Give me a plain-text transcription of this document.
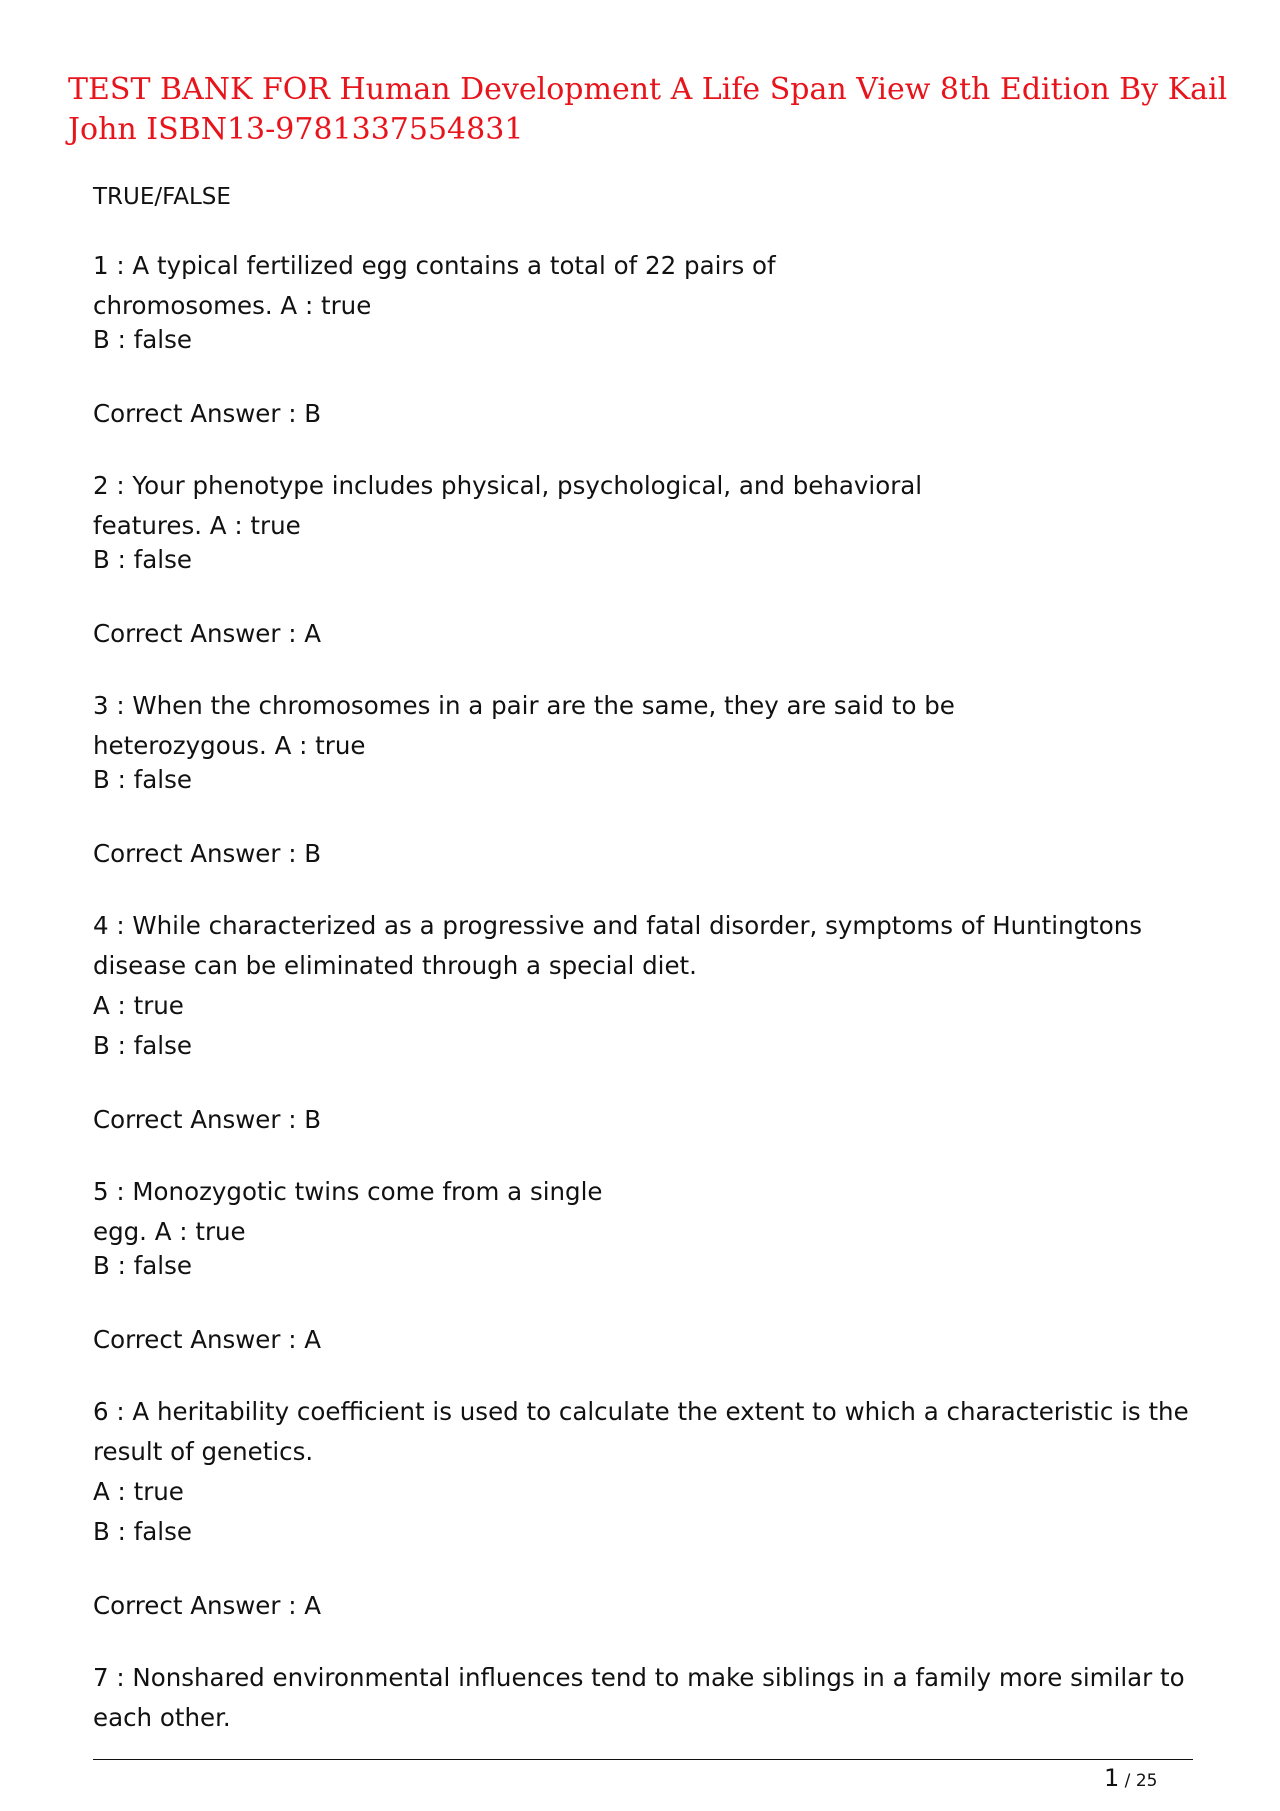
TEST BANK FOR Human Development A Life Span View 8th Edition By Kail John ISBN13-9781337554831

TRUE/FALSE

1 : A typical fertilized egg contains a total of 22 pairs of

chromosomes. A : true

B : false

Correct Answer : B

2 : Your phenotype includes physical, psychological, and behavioral

features. A : true

B : false

Correct Answer : A

3 : When the chromosomes in a pair are the same, they are said to be

heterozygous. A : true

B : false

Correct Answer : B

4 : While characterized as a progressive and fatal disorder, symptoms of Huntingtons disease can be eliminated through a special diet.

A : true

B : false

Correct Answer : B

5 : Monozygotic twins come from a single

egg. A : true

B : false

Correct Answer : A

6 : A heritability coefficient is used to calculate the extent to which a characteristic is the result of genetics.

A : true

B : false

Correct Answer : A

7 : Nonshared environmental influences tend to make siblings in a family more similar to each other.

1 / 25
